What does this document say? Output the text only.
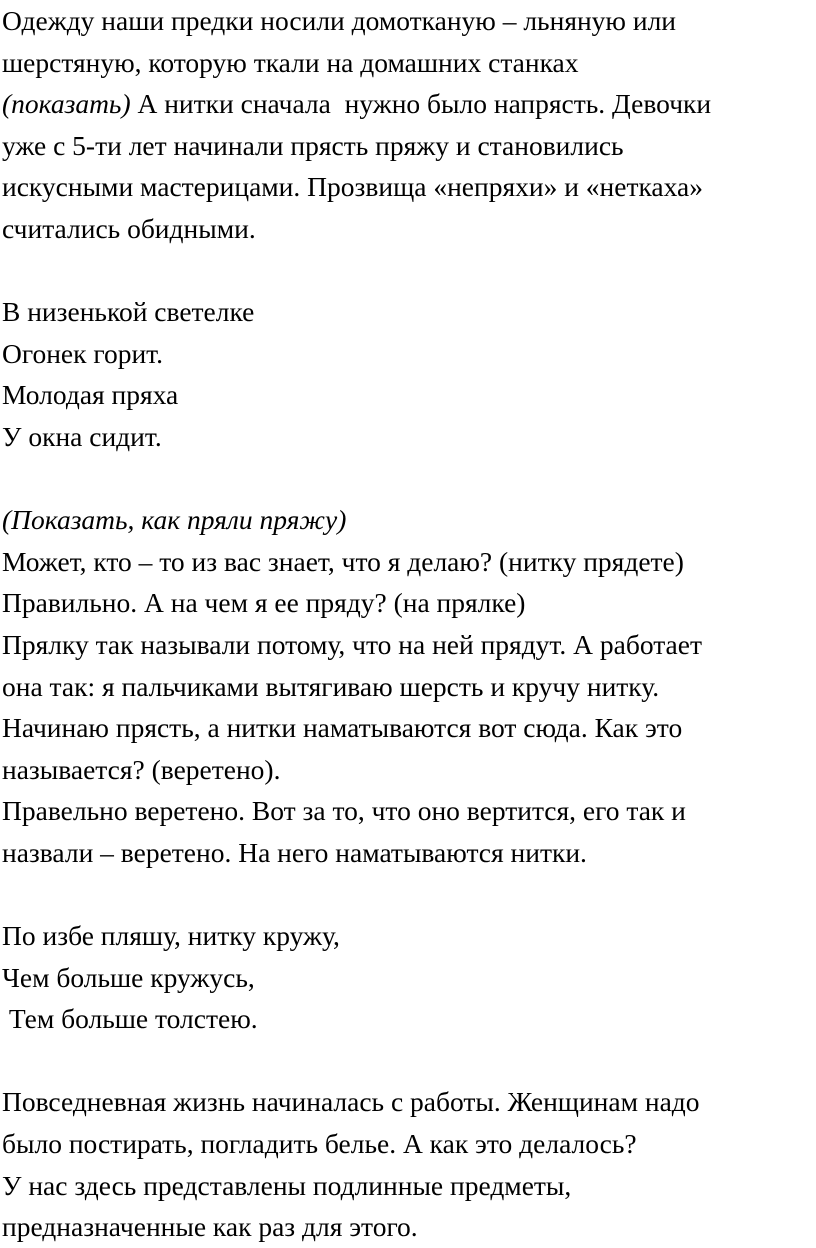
Одежду наши предки носили домотканую – льняную или
шерстяную, которую ткали на домашних станках
(показать) А нитки сначала  нужно было напрясть. Девочки
уже с 5-ти лет начинали прясть пряжу и становились
искусными мастерицами. Прозвища «непряхи» и «неткаха»
считались обидными.
В низенькой светелке
Огонек горит.
Молодая пряха
У окна сидит.
(Показать, как пряли пряжу)
Может, кто – то из вас знает, что я делаю? (нитку прядете)
Правильно. А на чем я ее пряду? (на прялке)
Прялку так называли потому, что на ней прядут. А работает
она так: я пальчиками вытягиваю шерсть и кручу нитку.
Начинаю прясть, а нитки наматываются вот сюда. Как это
называется? (веретено).
Правельно веретено. Вот за то, что оно вертится, его так и
назвали – веретено. На него наматываются нитки.
По избе пляшу, нитку кружу,
Чем больше кружусь,
Тем больше толстею.
Повседневная жизнь начиналась с работы. Женщинам надо
было постирать, погладить белье. А как это делалось?
У нас здесь представлены подлинные предметы,
предназначенные как раз для этого.
